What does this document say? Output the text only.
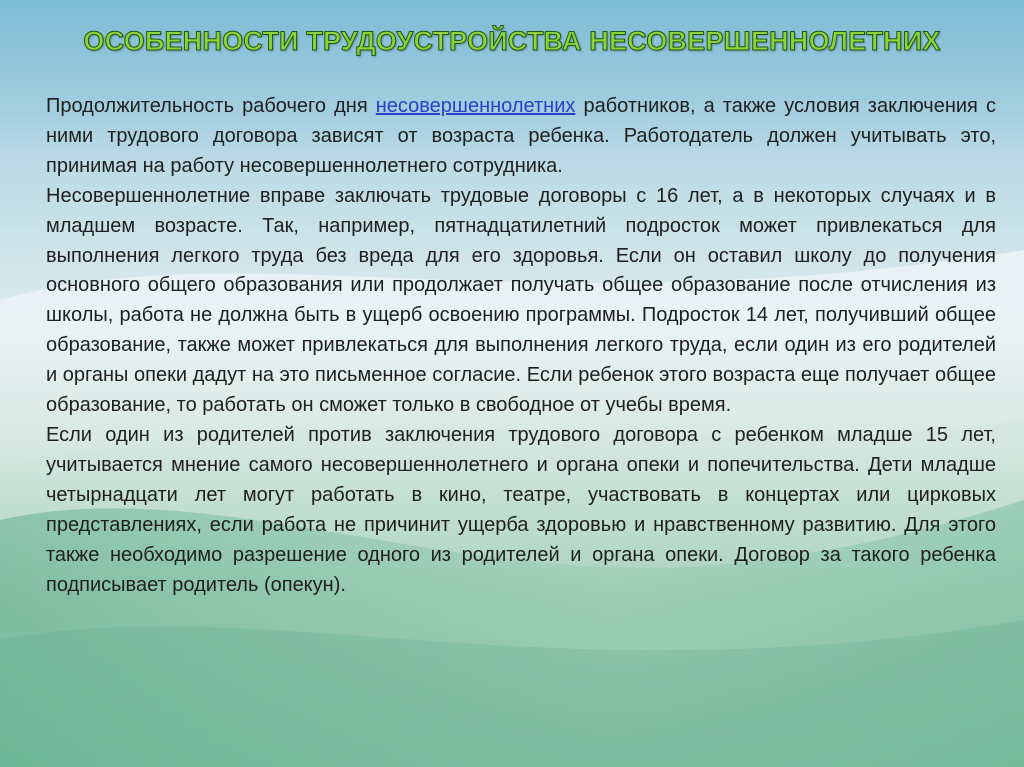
ОСОБЕННОСТИ ТРУДОУСТРОЙСТВА НЕСОВЕРШЕННОЛЕТНИХ

Продолжительность рабочего дня несовершеннолетних работников, а также условия заключения с ними трудового договора зависят от возраста ребенка. Работодатель должен учитывать это, принимая на работу несовершеннолетнего сотрудника.

Несовершеннолетние вправе заключать трудовые договоры с 16 лет, а в некоторых случаях и в младшем возрасте. Так, например, пятнадцатилетний подросток может привлекаться для выполнения легкого труда без вреда для его здоровья. Если он оставил школу до получения основного общего образования или продолжает получать общее образование после отчисления из школы, работа не должна быть в ущерб освоению программы. Подросток 14 лет, получивший общее образование, также может привлекаться для выполнения легкого труда, если один из его родителей и органы опеки дадут на это письменное согласие. Если ребенок этого возраста еще получает общее образование, то работать он сможет только в свободное от учебы время.

Если один из родителей против заключения трудового договора с ребенком младше 15 лет, учитывается мнение самого несовершеннолетнего и органа опеки и попечительства. Дети младше четырнадцати лет могут работать в кино, театре, участвовать в концертах или цирковых представлениях, если работа не причинит ущерба здоровью и нравственному развитию. Для этого также необходимо разрешение одного из родителей и органа опеки. Договор за такого ребенка подписывает родитель (опекун).
